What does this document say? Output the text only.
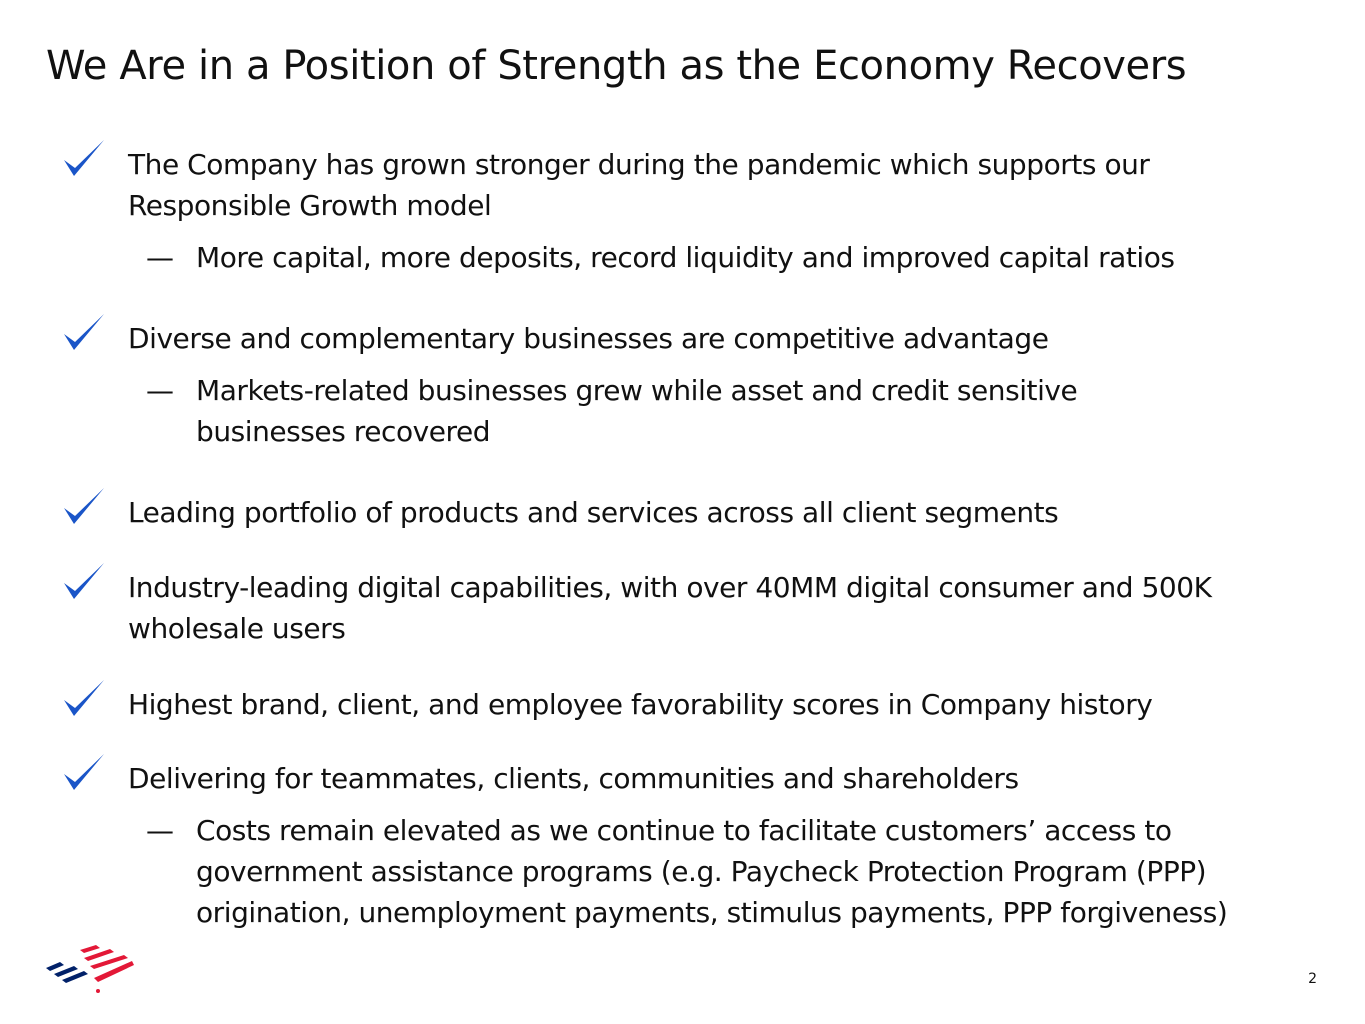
We Are in a Position of Strength as the Economy Recovers

The Company has grown stronger during the pandemic which supports our
Responsible Growth model

— More capital, more deposits, record liquidity and improved capital ratios

Diverse and complementary businesses are competitive advantage

— Markets-related businesses grew while asset and credit sensitive
businesses recovered

Leading portfolio of products and services across all client segments

Industry-leading digital capabilities, with over 40MM digital consumer and 500K
wholesale users

Highest brand, client, and employee favorability scores in Company history

Delivering for teammates, clients, communities and shareholders

— Costs remain elevated as we continue to facilitate customers’ access to
government assistance programs (e.g. Paycheck Protection Program (PPP)
origination, unemployment payments, stimulus payments, PPP forgiveness)

2
